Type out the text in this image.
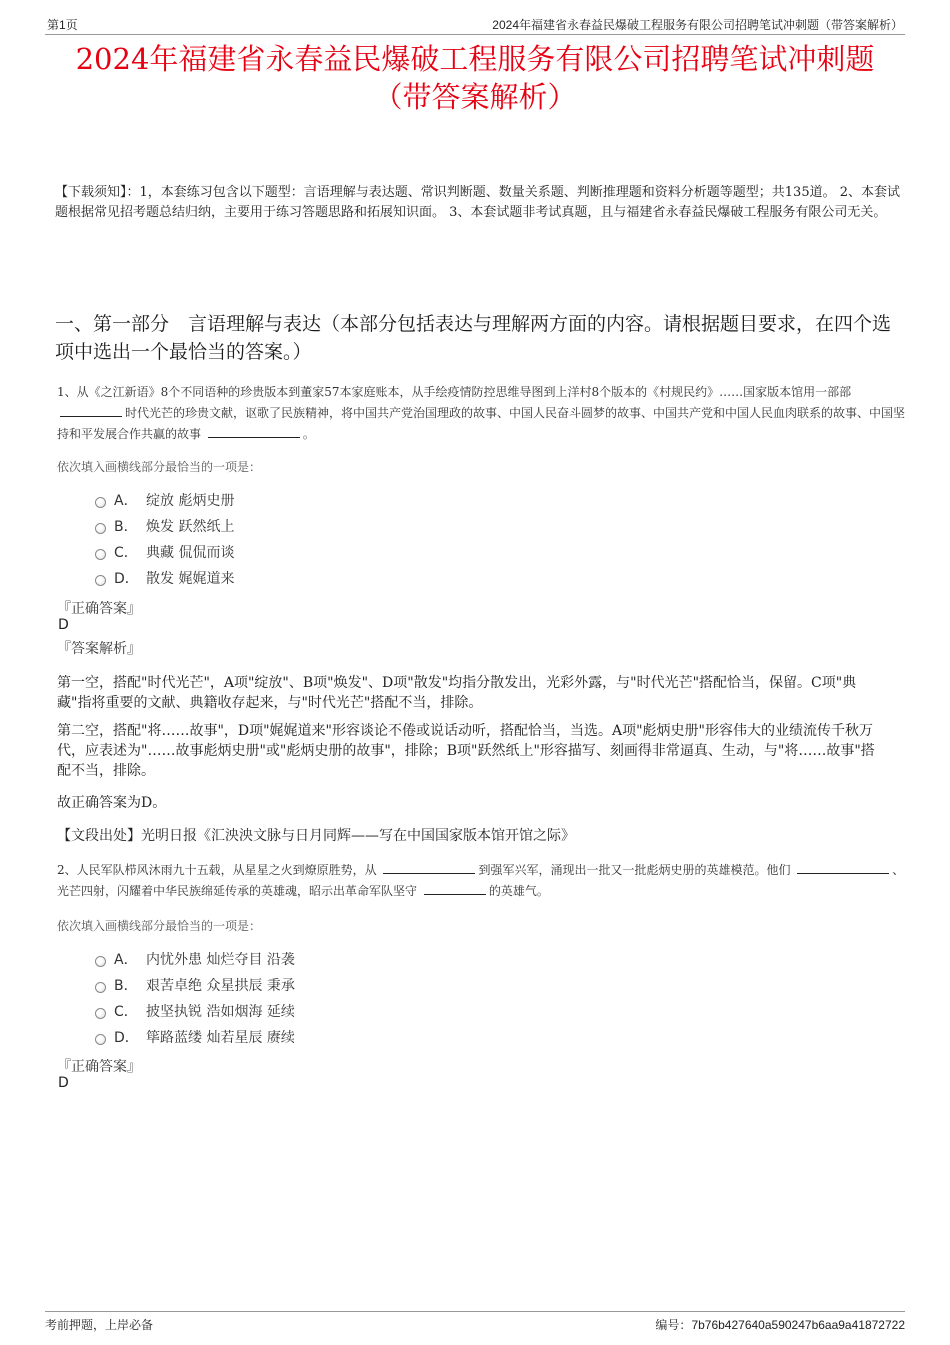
第1页	2024年福建省永春益民爆破工程服务有限公司招聘笔试冲刺题（带答案解析）
2024年福建省永春益民爆破工程服务有限公司招聘笔试冲刺题
（带答案解析）
【下载须知】：1，本套练习包含以下题型：言语理解与表达题、常识判断题、数量关系题、判断推理题和资料分析题等题型；共135道。 2、本套试题根据常见招考题总结归纳，主要用于练习答题思路和拓展知识面。 3、本套试题非考试真题，且与福建省永春益民爆破工程服务有限公司无关。
一、第一部分　言语理解与表达（本部分包括表达与理解两方面的内容。请根据题目要求，在四个选项中选出一个最恰当的答案。）
1、从《之江新语》8个不同语种的珍贵版本到董家57本家庭账本，从手绘疫情防控思维导图到上洋村8个版本的《村规民约》……国家版本馆用一部部 时代光芒的珍贵文献，讴歌了民族精神，将中国共产党治国理政的故事、中国人民奋斗圆梦的故事、中国共产党和中国人民血肉联系的故事、中国坚持和平发展合作共赢的故事	。
依次填入画横线部分最恰当的一项是：
A． 绽放 彪炳史册
B． 焕发 跃然纸上
C． 典藏 侃侃而谈
D． 散发 娓娓道来
『正确答案』
D
『答案解析』
第一空，搭配"时代光芒"，A项"绽放"、B项"焕发"、D项"散发"均指分散发出，光彩外露，与"时代光芒"搭配恰当，保留。C项"典藏"指将重要的文献、典籍收存起来，与"时代光芒"搭配不当，排除。
第二空，搭配"将……故事"，D项"娓娓道来"形容谈论不倦或说话动听，搭配恰当，当选。A项"彪炳史册"形容伟大的业绩流传千秋万代，应表述为"……故事彪炳史册"或"彪炳史册的故事"，排除；B项"跃然纸上"形容描写、刻画得非常逼真、生动，与"将……故事"搭配不当，排除。
故正确答案为D。
【文段出处】光明日报《汇泱泱文脉与日月同辉——写在中国国家版本馆开馆之际》
2、人民军队栉风沐雨九十五载，从星星之火到燎原胜势，从	到强军兴军，涌现出一批又一批彪炳史册的英雄模范。他们	、光芒四射，闪耀着中华民族绵延传承的英雄魂，昭示出革命军队坚守	的英雄气。
依次填入画横线部分最恰当的一项是：
A． 内忧外患 灿烂夺目 沿袭
B． 艰苦卓绝 众星拱辰 秉承
C． 披坚执锐 浩如烟海 延续
D． 筚路蓝缕 灿若星辰 赓续
『正确答案』
D
考前押题，上岸必备	编号：7b76b427640a590247b6aa9a41872722
